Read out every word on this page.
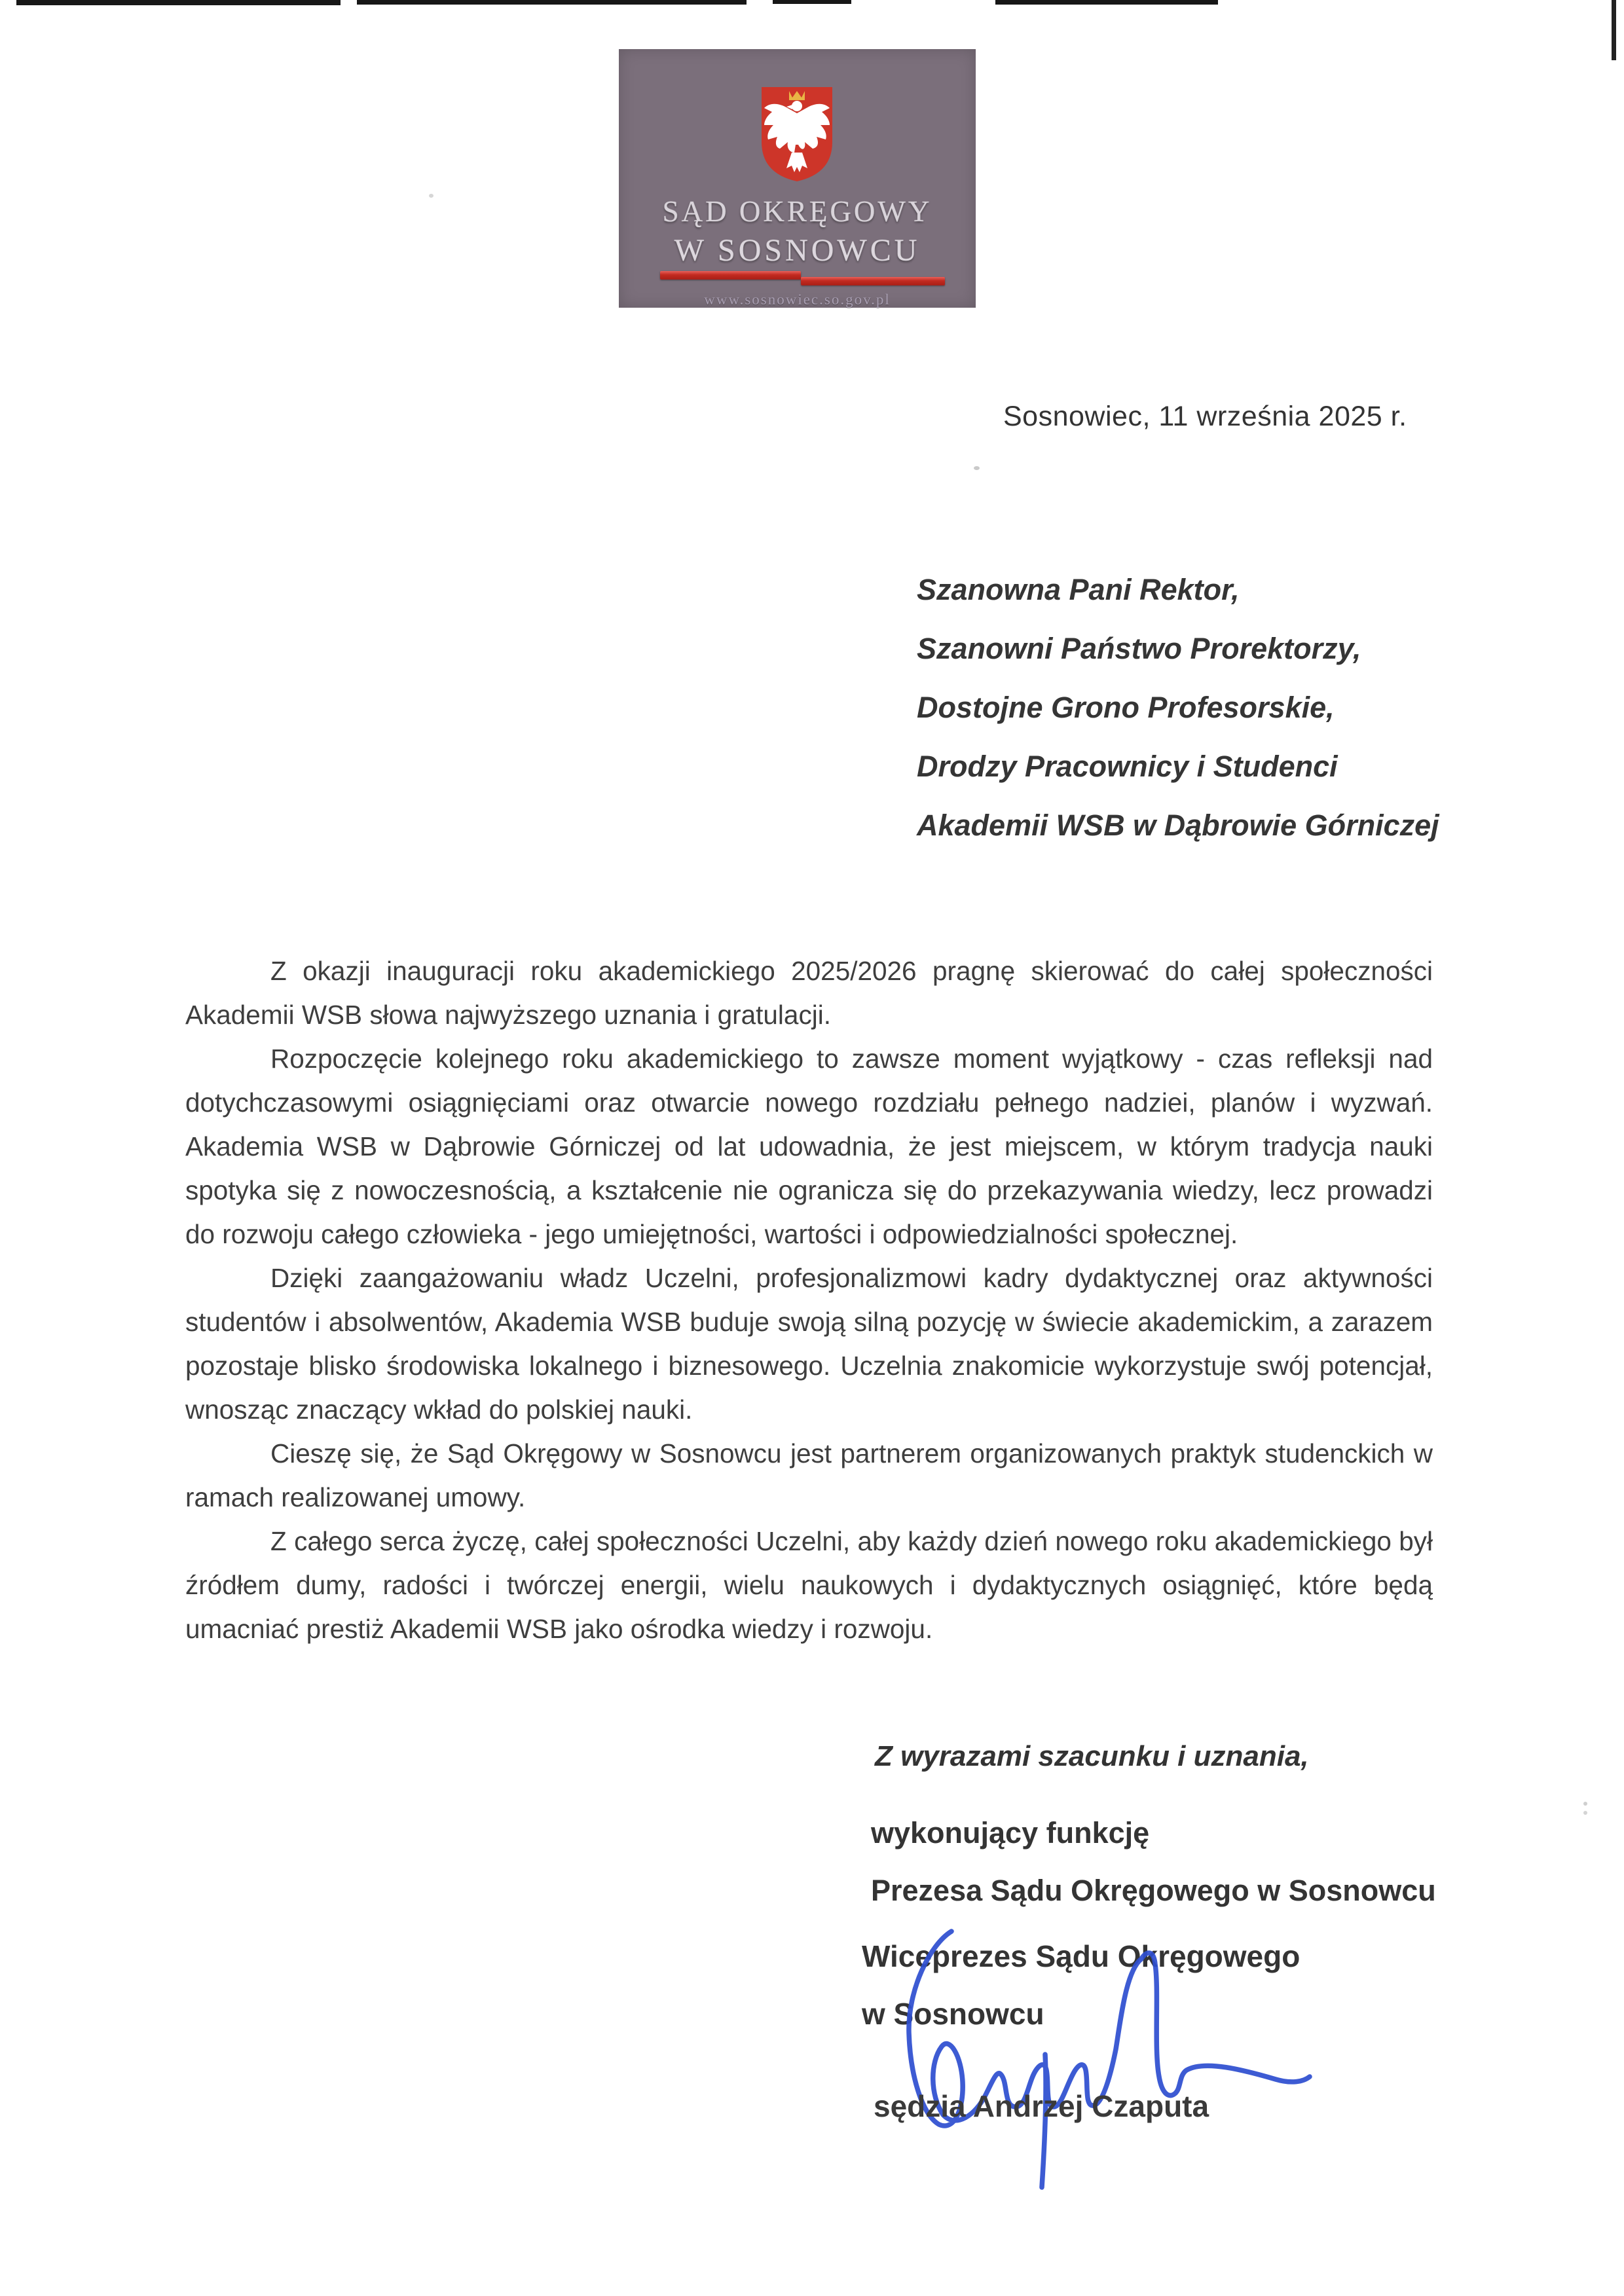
SĄD OKRĘGOWY
W SOSNOWCU
www.sosnowiec.so.gov.pl
Sosnowiec, 11 września 2025 r.
Szanowna Pani Rektor,
Szanowni Państwo Prorektorzy,
Dostojne Grono Profesorskie,
Drodzy Pracownicy i Studenci
Akademii WSB w Dąbrowie Górniczej

Z okazji inauguracji roku akademickiego 2025/2026 pragnę skierować do całej społeczności Akademii WSB słowa najwyższego uznania i gratulacji.

Rozpoczęcie kolejnego roku akademickiego to zawsze moment wyjątkowy - czas refleksji nad dotychczasowymi osiągnięciami oraz otwarcie nowego rozdziału pełnego nadziei, planów i wyzwań. Akademia WSB w Dąbrowie Górniczej od lat udowadnia, że jest miejscem, w którym tradycja nauki spotyka się z nowoczesnością, a kształcenie nie ogranicza się do przekazywania wiedzy, lecz prowadzi do rozwoju całego człowieka - jego umiejętności, wartości i odpowiedzialności społecznej.

Dzięki zaangażowaniu władz Uczelni, profesjonalizmowi kadry dydaktycznej oraz aktywności studentów i absolwentów, Akademia WSB buduje swoją silną pozycję w świecie akademickim, a zarazem pozostaje blisko środowiska lokalnego i biznesowego. Uczelnia znakomicie wykorzystuje swój potencjał, wnosząc znaczący wkład do polskiej nauki.

Cieszę się, że Sąd Okręgowy w Sosnowcu jest partnerem organizowanych praktyk studenckich w ramach realizowanej umowy.

Z całego serca życzę, całej społeczności Uczelni, aby każdy dzień nowego roku akademickiego był źródłem dumy, radości i twórczej energii, wielu naukowych i dydaktycznych osiągnięć, które będą umacniać prestiż Akademii WSB jako ośrodka wiedzy i rozwoju.

Z wyrazami szacunku i uznania,
wykonujący funkcję
Prezesa Sądu Okręgowego w Sosnowcu
Wiceprezes Sądu Okręgowego
w Sosnowcu
sędzia Andrzej Czaputa
